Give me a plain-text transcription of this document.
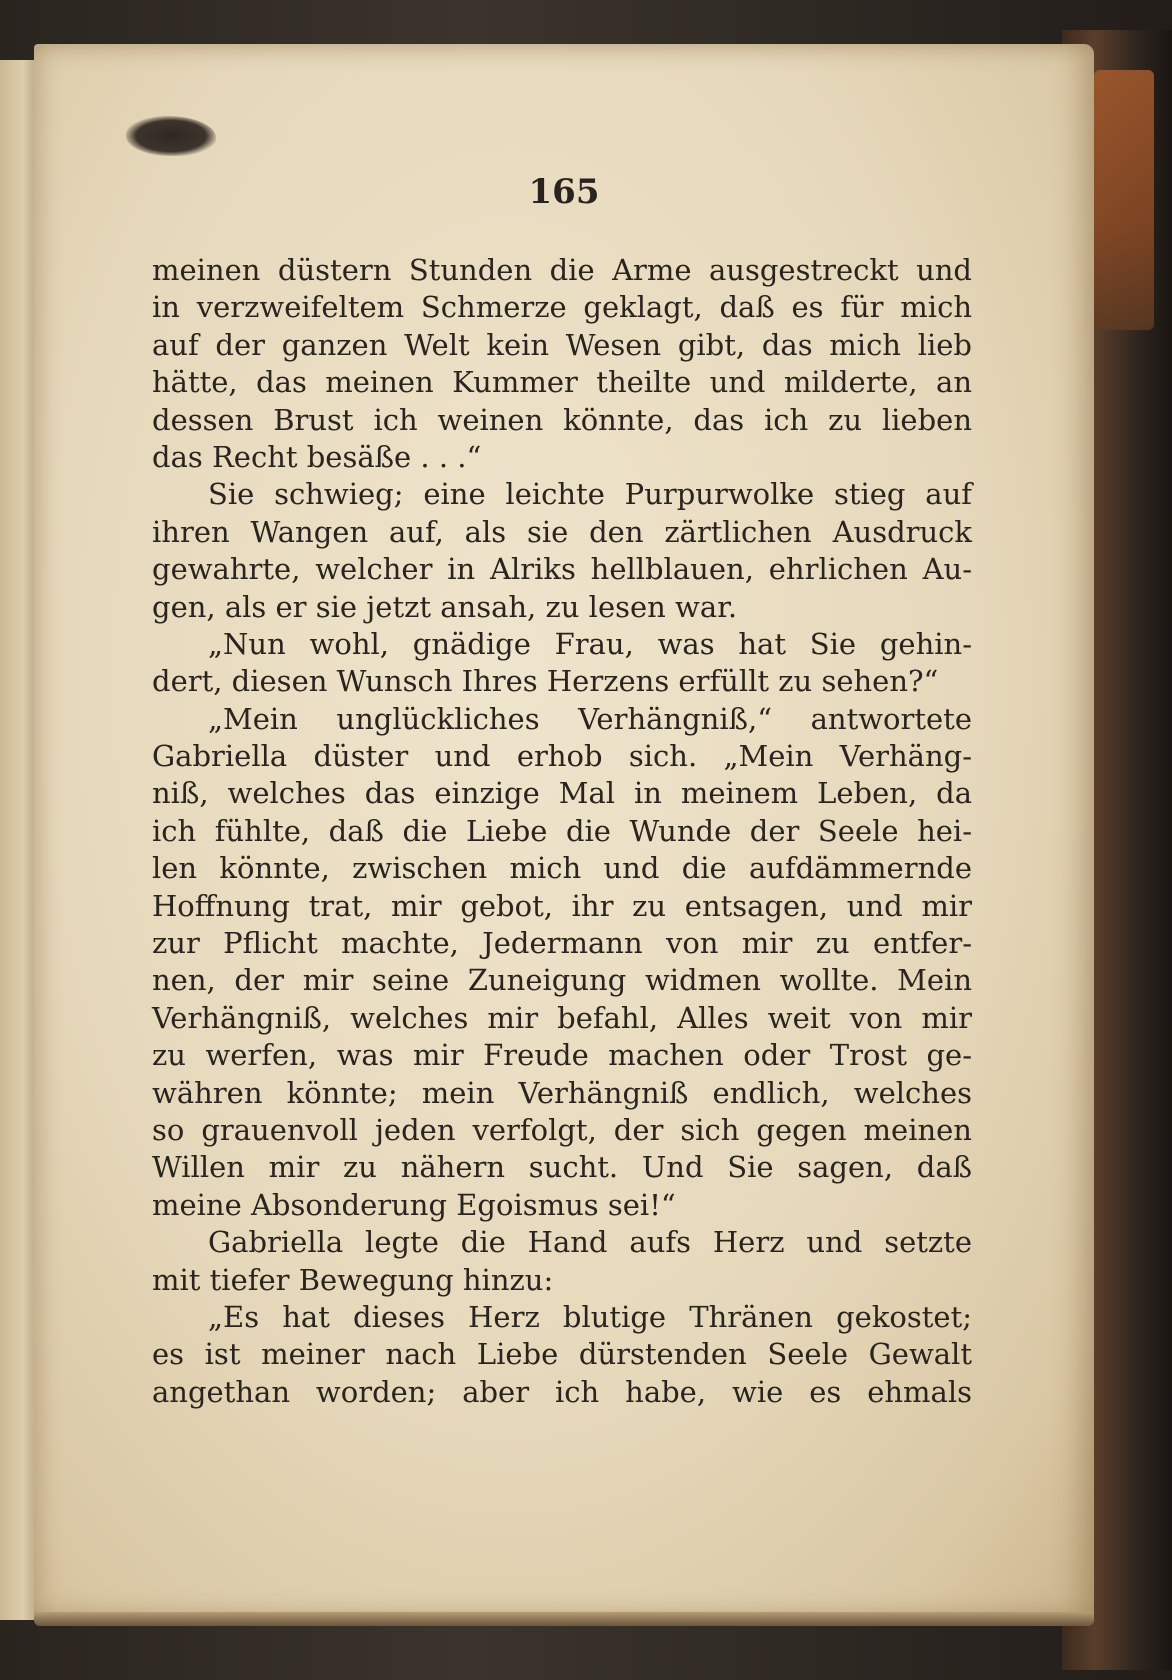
165

meinen düstern Stunden die Arme ausgestreckt und
in verzweifeltem Schmerze geklagt, daß es für mich
auf der ganzen Welt kein Wesen gibt, das mich lieb
hätte, das meinen Kummer theilte und milderte, an
dessen Brust ich weinen könnte, das ich zu lieben
das Recht besäße . . .“
Sie schwieg; eine leichte Purpurwolke stieg auf
ihren Wangen auf, als sie den zärtlichen Ausdruck
gewahrte, welcher in Alriks hellblauen, ehrlichen Au-
gen, als er sie jetzt ansah, zu lesen war.
„Nun wohl, gnädige Frau, was hat Sie gehin-
dert, diesen Wunsch Ihres Herzens erfüllt zu sehen?“
„Mein unglückliches Verhängniß,“ antwortete
Gabriella düster und erhob sich. „Mein Verhäng-
niß, welches das einzige Mal in meinem Leben, da
ich fühlte, daß die Liebe die Wunde der Seele hei-
len könnte, zwischen mich und die aufdämmernde
Hoffnung trat, mir gebot, ihr zu entsagen, und mir
zur Pflicht machte, Jedermann von mir zu entfer-
nen, der mir seine Zuneigung widmen wollte. Mein
Verhängniß, welches mir befahl, Alles weit von mir
zu werfen, was mir Freude machen oder Trost ge-
währen könnte; mein Verhängniß endlich, welches
so grauenvoll jeden verfolgt, der sich gegen meinen
Willen mir zu nähern sucht. Und Sie sagen, daß
meine Absonderung Egoismus sei!“
Gabriella legte die Hand aufs Herz und setzte
mit tiefer Bewegung hinzu:
„Es hat dieses Herz blutige Thränen gekostet;
es ist meiner nach Liebe dürstenden Seele Gewalt
angethan worden; aber ich habe, wie es ehmals
